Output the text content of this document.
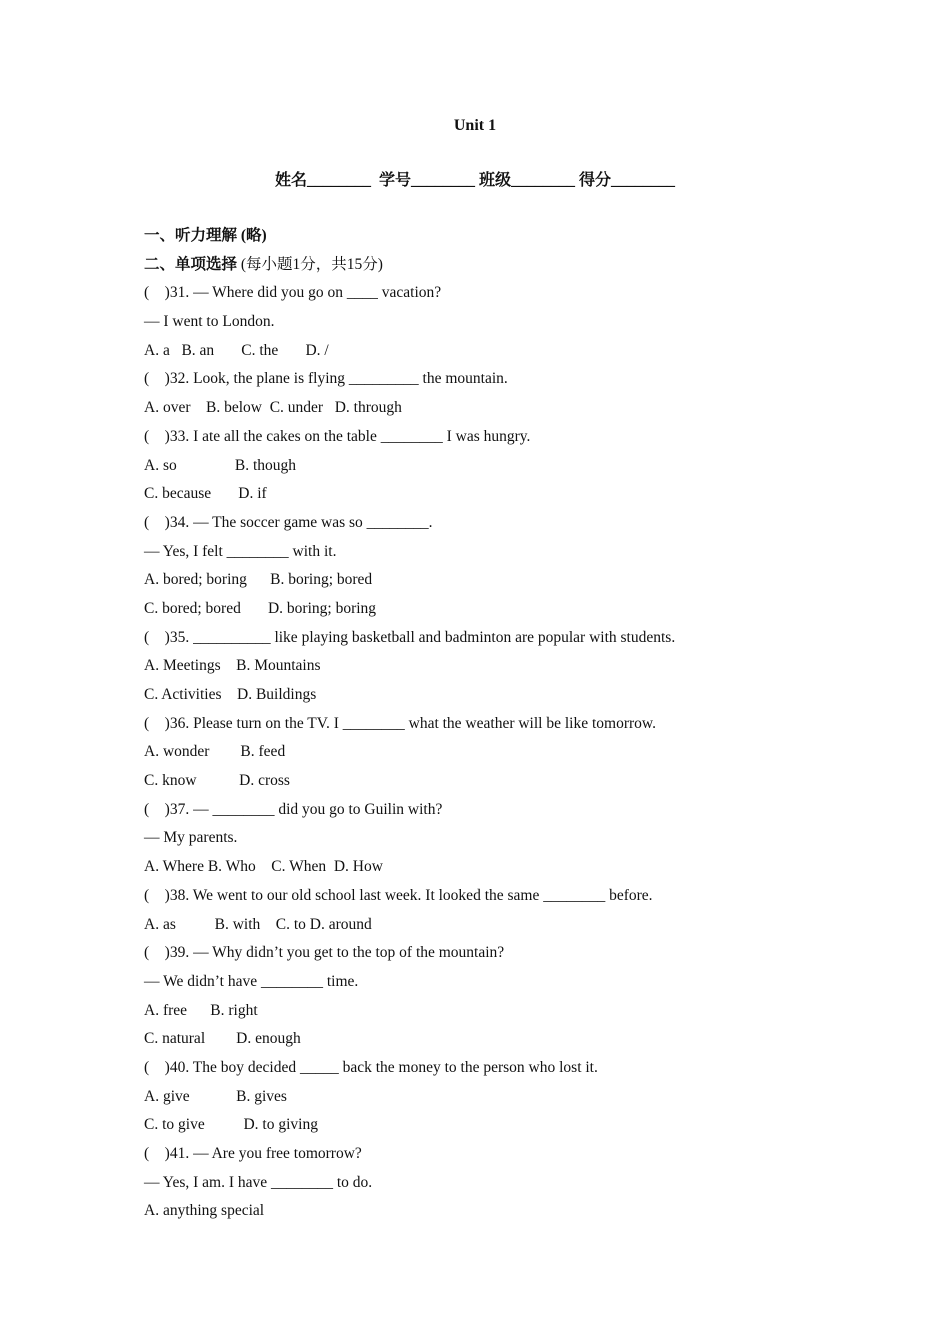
Unit 1
姓名________  学号________ 班级________ 得分________
一、听力理解 (略)
二、单项选择 (每小题1分，共15分)
(    )31. — Where did you go on ____ vacation?
— I went to London.
A. a   B. an       C. the       D. /
(    )32. Look, the plane is flying _________ the mountain.
A. over    B. below  C. under   D. through
(    )33. I ate all the cakes on the table ________ I was hungry.
A. so               B. though
C. because       D. if
(    )34. — The soccer game was so ________.
— Yes, I felt ________ with it.
A. bored; boring      B. boring; bored
C. bored; bored       D. boring; boring
(    )35. __________ like playing basketball and badminton are popular with students.
A. Meetings    B. Mountains
C. Activities    D. Buildings
(    )36. Please turn on the TV. I ________ what the weather will be like tomorrow.
A. wonder        B. feed
C. know           D. cross
(    )37. — ________ did you go to Guilin with?
— My parents.
A. Where B. Who    C. When  D. How
(    )38. We went to our old school last week. It looked the same ________ before.
A. as          B. with    C. to D. around
(    )39. — Why didn’t you get to the top of the mountain?
— We didn’t have ________ time.
A. free      B. right
C. natural        D. enough
(    )40. The boy decided _____ back the money to the person who lost it.
A. give            B. gives
C. to give          D. to giving
(    )41. — Are you free tomorrow?
— Yes, I am. I have ________ to do.
A. anything special
